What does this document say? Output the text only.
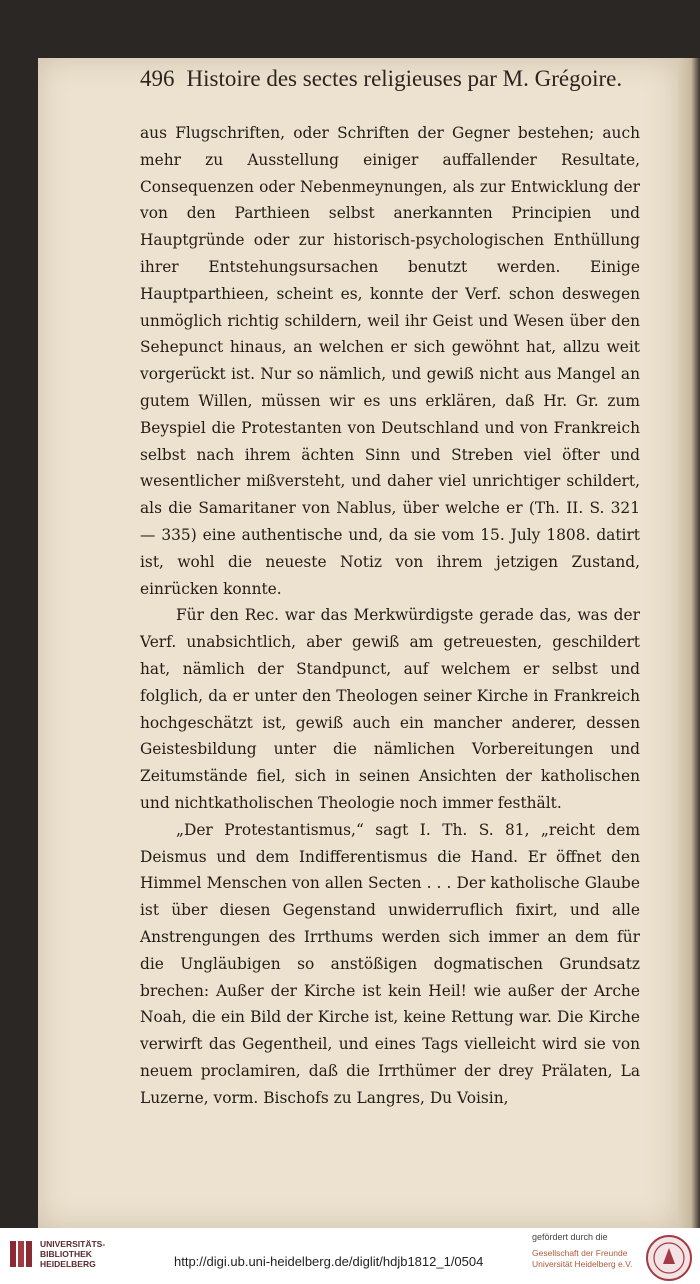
496 Histoire des sectes religieuses par M. Grégoire.

aus Flugschriften, oder Schriften der Gegner bestehen; auch mehr zu Ausstellung einiger auffallender Resultate, Consequenzen oder Nebenmeynungen, als zur Entwicklung der von den Parthieen selbst anerkannten Principien und Hauptgründe oder zur historisch-psychologischen Enthüllung ihrer Entstehungsursachen benutzt werden. Einige Hauptparthieen, scheint es, konnte der Verf. schon deswegen unmöglich richtig schildern, weil ihr Geist und Wesen über den Sehepunct hinaus, an welchen er sich gewöhnt hat, allzu weit vorgerückt ist. Nur so nämlich, und gewiß nicht aus Mangel an gutem Willen, müssen wir es uns erklären, daß Hr. Gr. zum Beyspiel die Protestanten von Deutschland und von Frankreich selbst nach ihrem ächten Sinn und Streben viel öfter und wesentlicher mißversteht, und daher viel unrichtiger schildert, als die Samaritaner von Nablus, über welche er (Th. II. S. 321 — 335) eine authentische und, da sie vom 15. July 1808. datirt ist, wohl die neueste Notiz von ihrem jetzigen Zustand, einrücken konnte.

Für den Rec. war das Merkwürdigste gerade das, was der Verf. unabsichtlich, aber gewiß am getreuesten, geschildert hat, nämlich der Standpunct, auf welchem er selbst und folglich, da er unter den Theologen seiner Kirche in Frankreich hochgeschätzt ist, gewiß auch ein mancher anderer, dessen Geistesbildung unter die nämlichen Vorbereitungen und Zeitumstände fiel, sich in seinen Ansichten der katholischen und nichtkatholischen Theologie noch immer festhält.

„Der Protestantismus,“ sagt I. Th. S. 81, „reicht dem Deismus und dem Indifferentismus die Hand. Er öffnet den Himmel Menschen von allen Secten . . . Der katholische Glaube ist über diesen Gegenstand unwiderruflich fixirt, und alle Anstrengungen des Irrthums werden sich immer an dem für die Ungläubigen so anstößigen dogmatischen Grundsatz brechen: Außer der Kirche ist kein Heil! wie außer der Arche Noah, die ein Bild der Kirche ist, keine Rettung war. Die Kirche verwirft das Gegentheil, und eines Tags vielleicht wird sie von neuem proclamiren, daß die Irrthümer der drey Prälaten, La Luzerne, vorm. Bischofs zu Langres, Du Voisin,

UNIVERSITÄTS- BIBLIOTHEK HEIDELBERG	http://digi.ub.uni-heidelberg.de/diglit/hdjb1812_1/0504
gefördert durch die
Gesellschaft der Freunde
Universität Heidelberg e.V.
